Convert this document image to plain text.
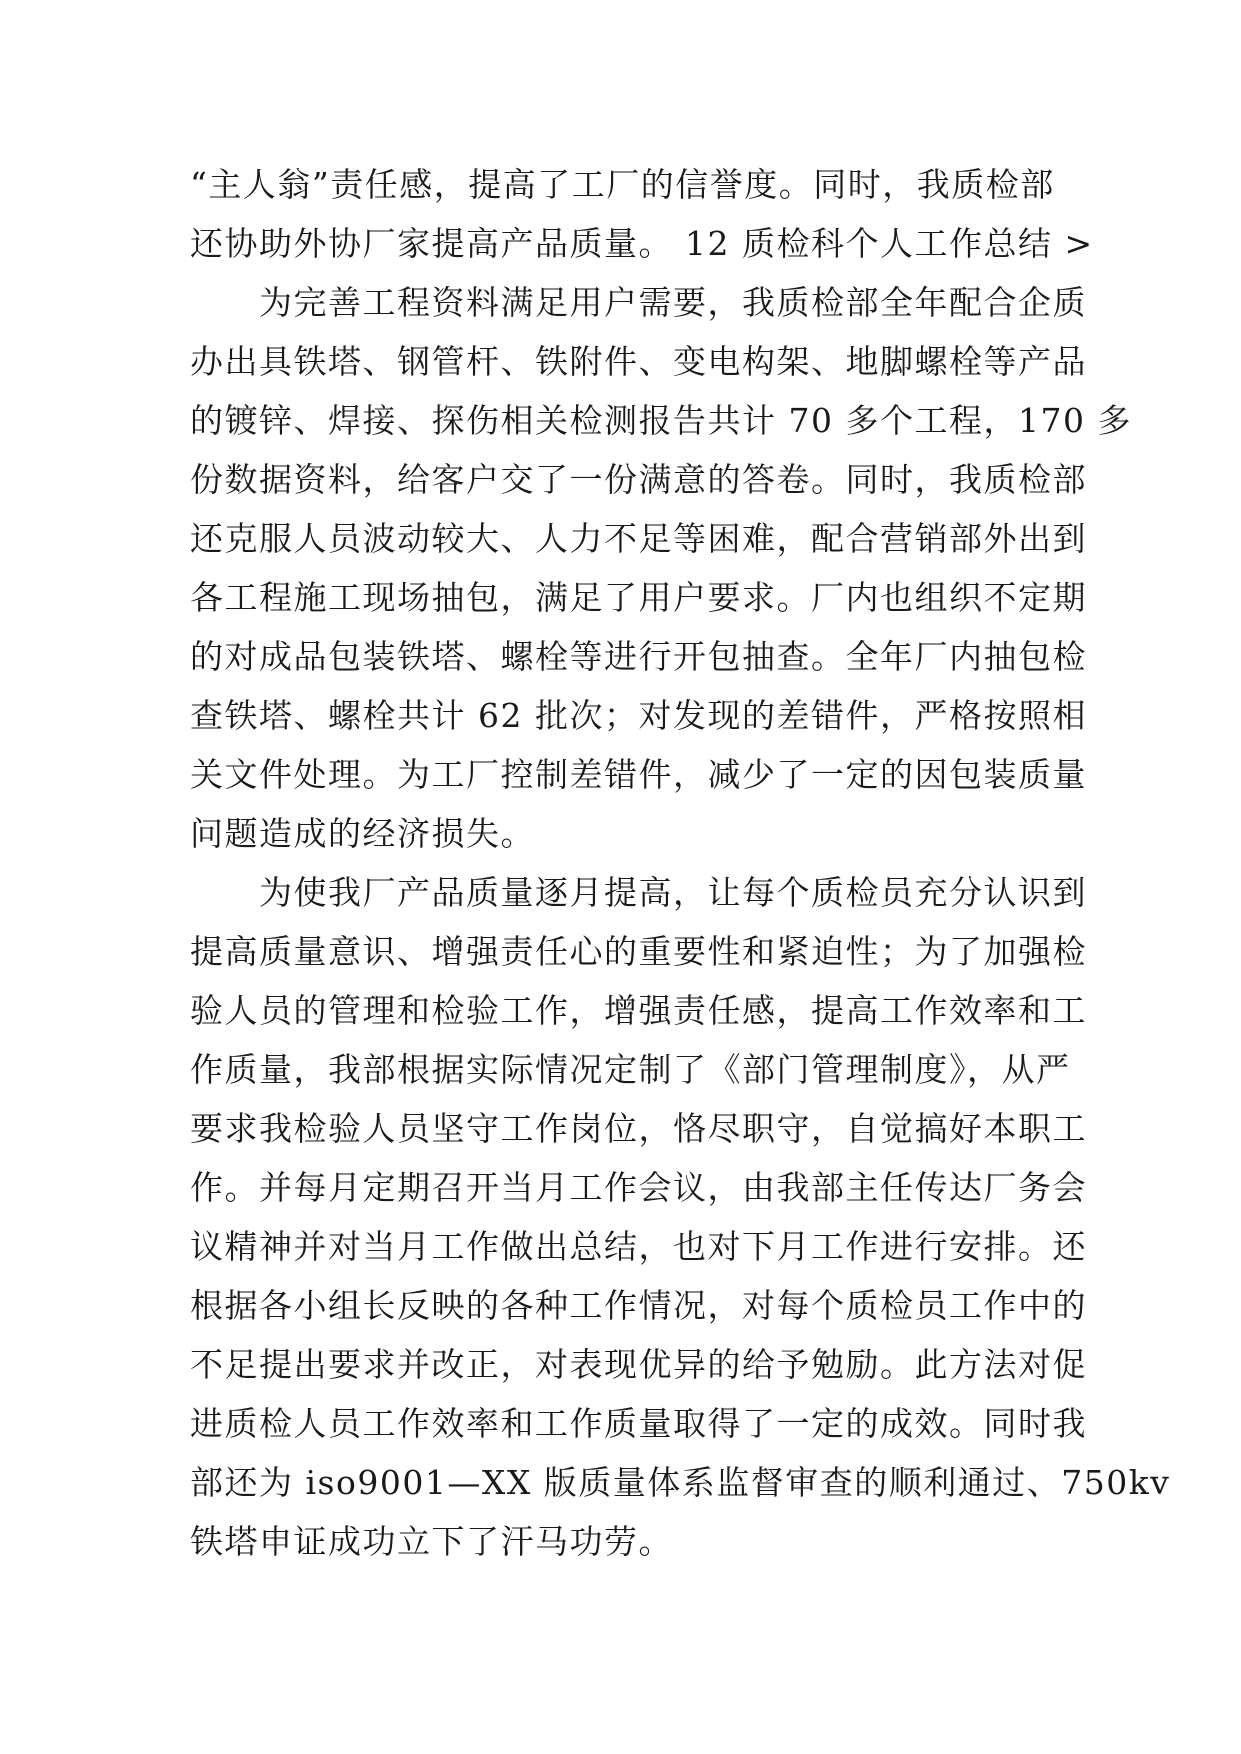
“主人翁”责任感，提高了工厂的信誉度。同时，我质检部
还协助外协厂家提高产品质量。 12 质检科个人工作总结 >
　　为完善工程资料满足用户需要，我质检部全年配合企质
办出具铁塔、钢管杆、铁附件、变电构架、地脚螺栓等产品
的镀锌、焊接、探伤相关检测报告共计 70 多个工程，170 多
份数据资料，给客户交了一份满意的答卷。同时，我质检部
还克服人员波动较大、人力不足等困难，配合营销部外出到
各工程施工现场抽包，满足了用户要求。厂内也组织不定期
的对成品包装铁塔、螺栓等进行开包抽查。全年厂内抽包检
查铁塔、螺栓共计 62 批次；对发现的差错件，严格按照相
关文件处理。为工厂控制差错件，减少了一定的因包装质量
问题造成的经济损失。
　　为使我厂产品质量逐月提高，让每个质检员充分认识到
提高质量意识、增强责任心的重要性和紧迫性；为了加强检
验人员的管理和检验工作，增强责任感，提高工作效率和工
作质量，我部根据实际情况定制了《部门管理制度》，从严
要求我检验人员坚守工作岗位，恪尽职守，自觉搞好本职工
作。并每月定期召开当月工作会议，由我部主任传达厂务会
议精神并对当月工作做出总结，也对下月工作进行安排。还
根据各小组长反映的各种工作情况，对每个质检员工作中的
不足提出要求并改正，对表现优异的给予勉励。此方法对促
进质检人员工作效率和工作质量取得了一定的成效。同时我
部还为 iso9001—XX 版质量体系监督审查的顺利通过、750kv
铁塔申证成功立下了汗马功劳。
